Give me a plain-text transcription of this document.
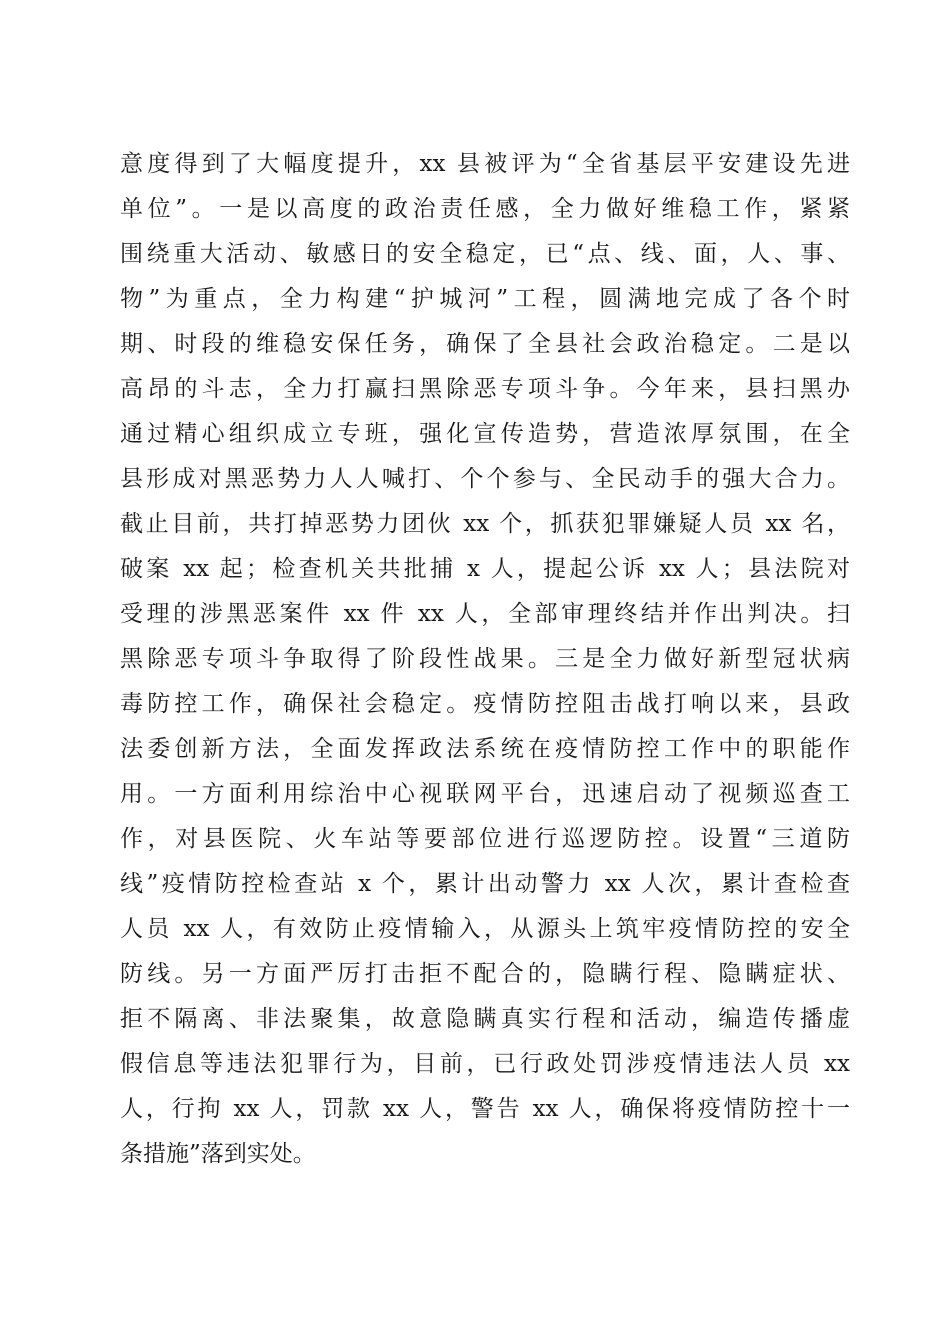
意度得到了大幅度提升，xx 县被评为“全省基层平安建设先进
单位”。一是以高度的政治责任感，全力做好维稳工作，紧紧
围绕重大活动、敏感日的安全稳定，已“点、线、面，人、事、
物”为重点，全力构建“护城河”工程，圆满地完成了各个时
期、时段的维稳安保任务，确保了全县社会政治稳定。二是以
高昂的斗志，全力打赢扫黑除恶专项斗争。今年来，县扫黑办
通过精心组织成立专班，强化宣传造势，营造浓厚氛围，在全
县形成对黑恶势力人人喊打、个个参与、全民动手的强大合力。
截止目前，共打掉恶势力团伙 xx 个，抓获犯罪嫌疑人员 xx 名，
破案 xx 起；检查机关共批捕 x 人，提起公诉 xx 人；县法院对
受理的涉黑恶案件 xx 件 xx 人，全部审理终结并作出判决。扫
黑除恶专项斗争取得了阶段性战果。三是全力做好新型冠状病
毒防控工作，确保社会稳定。疫情防控阻击战打响以来，县政
法委创新方法，全面发挥政法系统在疫情防控工作中的职能作
用。一方面利用综治中心视联网平台，迅速启动了视频巡查工
作，对县医院、火车站等要部位进行巡逻防控。设置“三道防
线”疫情防控检查站 x 个，累计出动警力 xx 人次，累计查检查
人员 xx 人，有效防止疫情输入，从源头上筑牢疫情防控的安全
防线。另一方面严厉打击拒不配合的，隐瞒行程、隐瞒症状、
拒不隔离、非法聚集，故意隐瞒真实行程和活动，编造传播虚
假信息等违法犯罪行为，目前，已行政处罚涉疫情违法人员 xx
人，行拘 xx 人，罚款 xx 人，警告 xx 人，确保将疫情防控十一
条措施”落到实处。
